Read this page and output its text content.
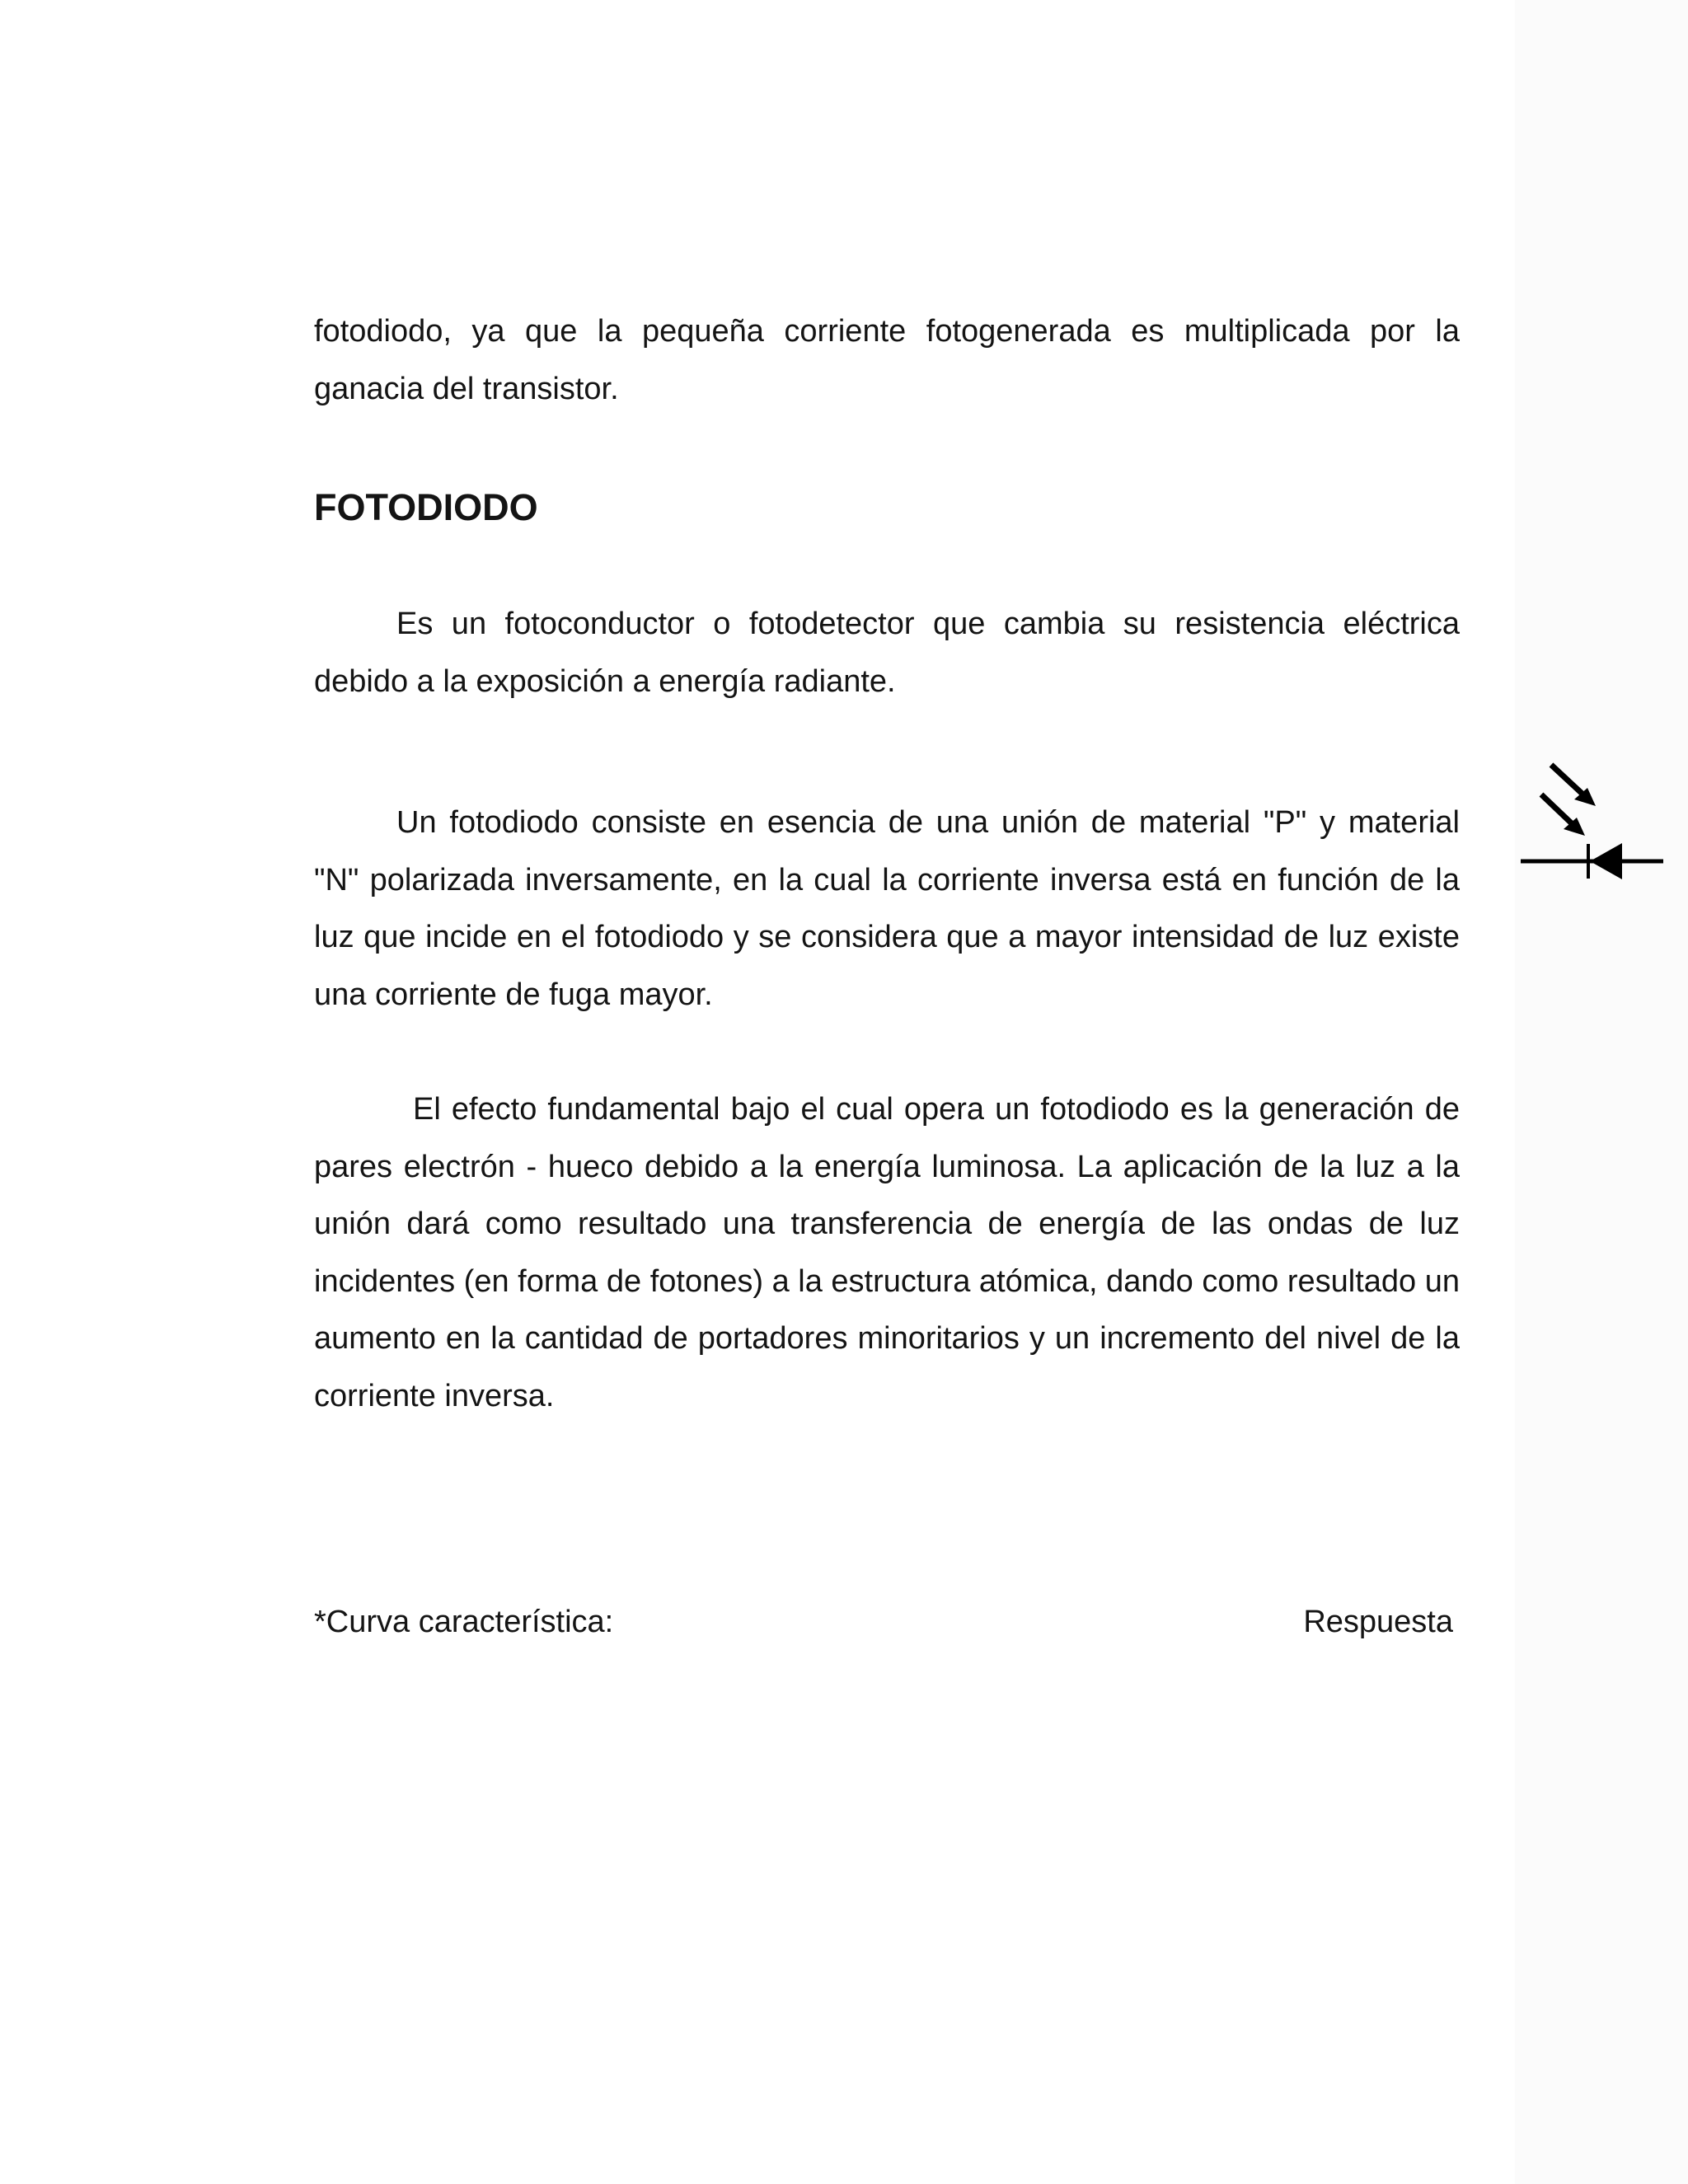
fotodiodo, ya que la pequeña corriente fotogenerada es multiplicada por la ganacia del transistor.

FOTODIODO

Es un fotoconductor o fotodetector que cambia su resistencia eléctrica debido a la exposición a energía radiante.

Un fotodiodo consiste en esencia de una unión de material "P" y material "N" polarizada inversamente, en la cual la corriente inversa está en función de la luz que incide en el fotodiodo y se considera que a mayor intensidad de luz existe una corriente de fuga mayor.

El efecto fundamental bajo el cual opera un fotodiodo es la generación de pares electrón - hueco debido a la energía luminosa. La aplicación de la luz a la unión dará como resultado una transferencia de energía de las ondas de luz incidentes (en forma de fotones) a la estructura atómica, dando como resultado un aumento en la cantidad de portadores minoritarios y un incremento del nivel de la corriente inversa.

*Curva característica:	Respuesta
